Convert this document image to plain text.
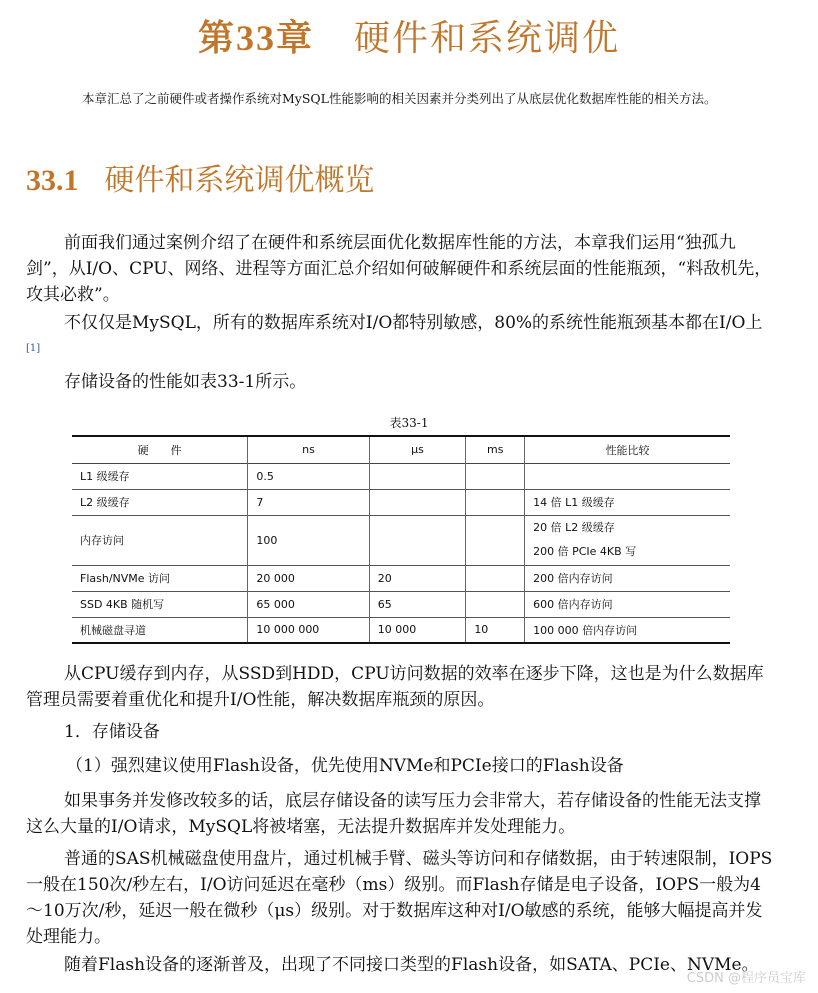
第33章 硬件和系统调优
本章汇总了之前硬件或者操作系统对MySQL性能影响的相关因素并分类列出了从底层优化数据库性能的相关方法。
33.1 硬件和系统调优概览

前面我们通过案例介绍了在硬件和系统层面优化数据库性能的方法，本章我们运用“独孤九剑”，从I/O、CPU、网络、进程等方面汇总介绍如何破解硬件和系统层面的性能瓶颈，“料敌机先，攻其必救”。

不仅仅是MySQL，所有的数据库系统对I/O都特别敏感，80%的系统性能瓶颈基本都在I/O上[1]

存储设备的性能如表33-1所示。

表33-1
硬　　件	ns	μs	ms	性能比较
L1 级缓存	0.5			
L2 级缓存	7			14 倍 L1 级缓存
内存访问	100			20 倍 L2 级缓存
200 倍 PCIe 4KB 写

Flash/NVMe 访问	20 000	20		200 倍内存访问
SSD 4KB 随机写	65 000	65		600 倍内存访问
机械磁盘寻道	10 000 000	10 000	10	100 000 倍内存访问

从CPU缓存到内存，从SSD到HDD，CPU访问数据的效率在逐步下降，这也是为什么数据库管理员需要着重优化和提升I/O性能，解决数据库瓶颈的原因。

1．存储设备
（1）强烈建议使用Flash设备，优先使用NVMe和PCIe接口的Flash设备

如果事务并发修改较多的话，底层存储设备的读写压力会非常大，若存储设备的性能无法支撑这么大量的I/O请求，MySQL将被堵塞，无法提升数据库并发处理能力。

普通的SAS机械磁盘使用盘片，通过机械手臂、磁头等访问和存储数据，由于转速限制，IOPS一般在150次/秒左右，I/O访问延迟在毫秒（ms）级别。而Flash存储是电子设备，IOPS一般为4～10万次/秒，延迟一般在微秒（μs）级别。对于数据库这种对I/O敏感的系统，能够大幅提高并发处理能力。

随着Flash设备的逐渐普及，出现了不同接口类型的Flash设备，如SATA、PCIe、NVMe。

CSDN @程序员宝库
